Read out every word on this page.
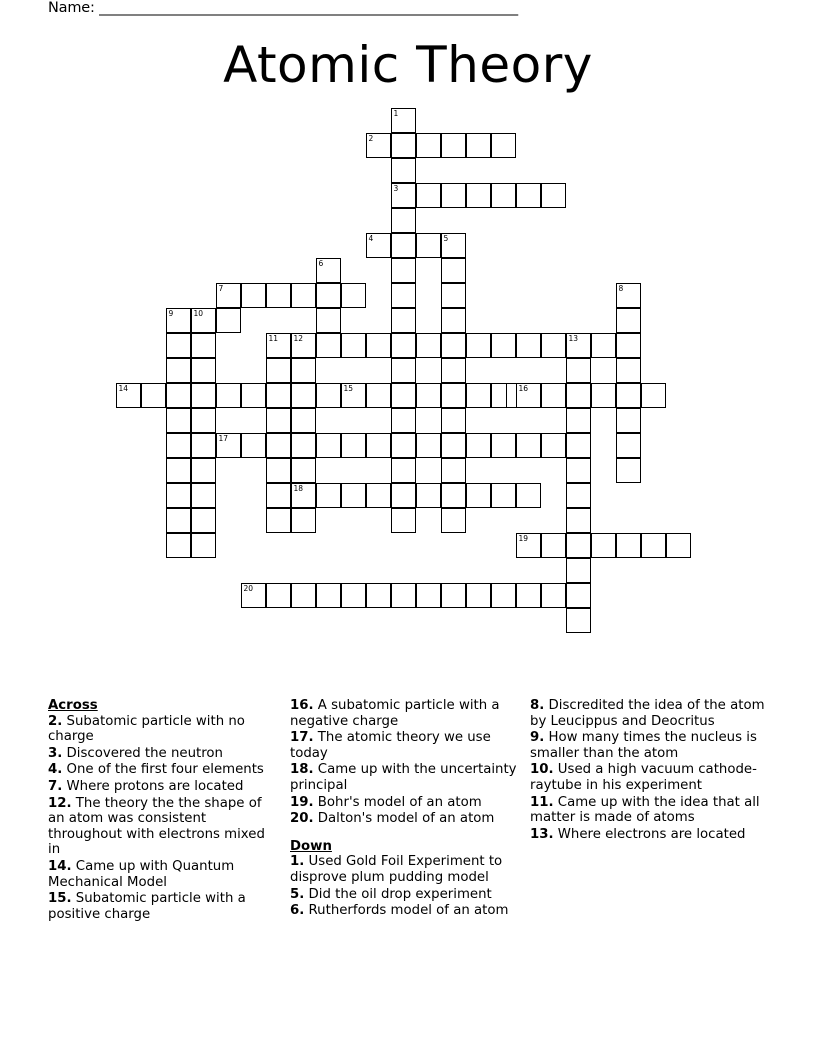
Name: ______________________________________________________________
Atomic Theory
1
2
3
4	5
6
7	8
9	10
11 12	13
14	15	16
17
18
19
20
Across
2. Subatomic particle with no charge
3. Discovered the neutron
4. One of the first four elements
7. Where protons are located
12. The theory the the shape of an atom was consistent throughout with electrons mixed in
14. Came up with Quantum Mechanical Model
15. Subatomic particle with a positive charge
16. A subatomic particle with a negative charge
17. The atomic theory we use today
18. Came up with the uncertainty principal
19. Bohr's model of an atom
20. Dalton's model of an atom
Down
1. Used Gold Foil Experiment to disprove plum pudding model
5. Did the oil drop experiment
6. Rutherfords model of an atom
8. Discredited the idea of the atom by Leucippus and Deocritus
9. How many times the nucleus is smaller than the atom
10. Used a high vacuum cathode-raytube in his experiment
11. Came up with the idea that all matter is made of atoms
13. Where electrons are located
